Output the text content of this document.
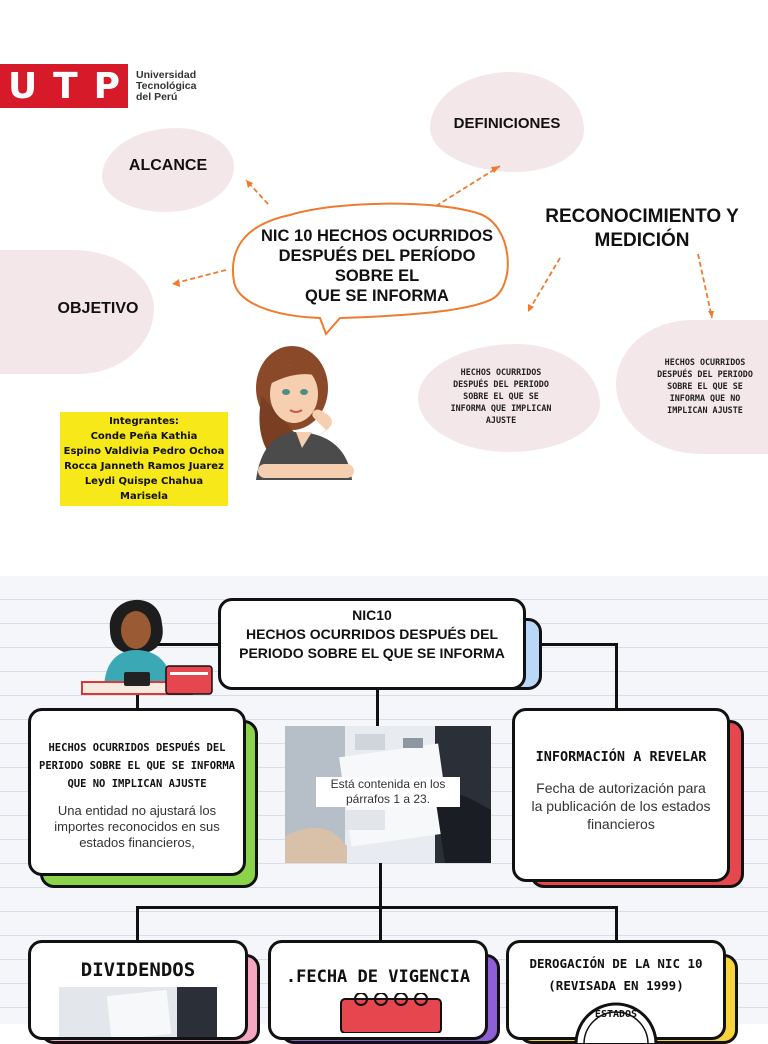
U T P Universidad
Tecnológica
del Perú
ALCANCE
DEFINICIONES
OBJETIVO
RECONOCIMIENTO Y
MEDICIÓN
NIC 10 HECHOS OCURRIDOS
DESPUÉS DEL PERÍODO
SOBRE EL
QUE SE INFORMA
HECHOS OCURRIDOS
DESPUÉS DEL PERIODO
SOBRE EL QUE SE
INFORMA QUE IMPLICAN
AJUSTE
HECHOS OCURRIDOS
DESPUÉS DEL PERIODO
SOBRE EL QUE SE
INFORMA QUE NO
IMPLICAN AJUSTE
Integrantes:
Conde Peña Kathia
Espino Valdivia Pedro Ochoa
Rocca Janneth Ramos Juarez
Leydi Quispe Chahua
Marisela
NIC10
HECHOS OCURRIDOS DESPUÉS DEL
PERIODO SOBRE EL QUE SE INFORMA
HECHOS OCURRIDOS DESPUÉS DEL PERIODO SOBRE EL QUE SE INFORMA QUE NO IMPLICAN AJUSTE
Una entidad no ajustará los importes reconocidos en sus estados financieros,
Está contenida en los párrafos 1 a 23.
INFORMACIÓN A REVELAR
Fecha de autorización para la publicación de los estados financieros
DIVIDENDOS	.FECHA DE VIGENCIA
DEROGACIÓN DE LA NIC 10
(REVISADA EN 1999)
ESTADOS
